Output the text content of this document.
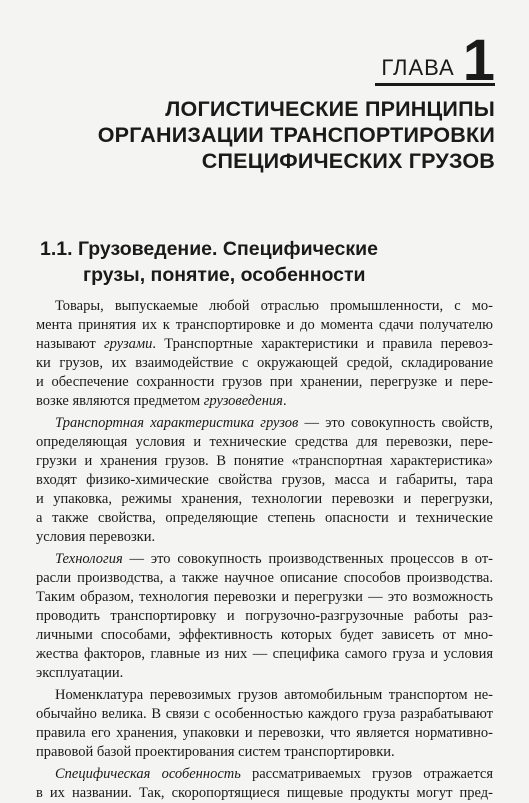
ГЛАВА 1
ЛОГИСТИЧЕСКИЕ ПРИНЦИПЫ
ОРГАНИЗАЦИИ ТРАНСПОРТИРОВКИ
СПЕЦИФИЧЕСКИХ ГРУЗОВ
1.1. Грузоведение. Специфические
грузы, понятие, особенности
Товары, выпускаемые любой отраслью промышленности, с мо-
мента принятия их к транспортировке и до момента сдачи получателю
называют грузами. Транспортные характеристики и правила перевоз-
ки грузов, их взаимодействие с окружающей средой, складирование
и обеспечение сохранности грузов при хранении, перегрузке и пере-
возке являются предметом грузоведения.
Транспортная характеристика грузов — это совокупность свойств,
определяющая условия и технические средства для перевозки, пере-
грузки и хранения грузов. В понятие «транспортная характеристика»
входят физико-химические свойства грузов, масса и габариты, тара
и упаковка, режимы хранения, технологии перевозки и перегрузки,
а также свойства, определяющие степень опасности и технические
условия перевозки.
Технология — это совокупность производственных процессов в от-
расли производства, а также научное описание способов производства.
Таким образом, технология перевозки и перегрузки — это возможность
проводить транспортировку и погрузочно-разгрузочные работы раз-
личными способами, эффективность которых будет зависеть от мно-
жества факторов, главные из них — специфика самого груза и условия
эксплуатации.
Номенклатура перевозимых грузов автомобильным транспортом не-
обычайно велика. В связи с особенностью каждого груза разрабатывают
правила его хранения, упаковки и перевозки, что является нормативно-
правовой базой проектирования систем транспортировки.
Специфическая особенность рассматриваемых грузов отражается
в их названии. Так, скоропортящиеся пищевые продукты могут пред-
